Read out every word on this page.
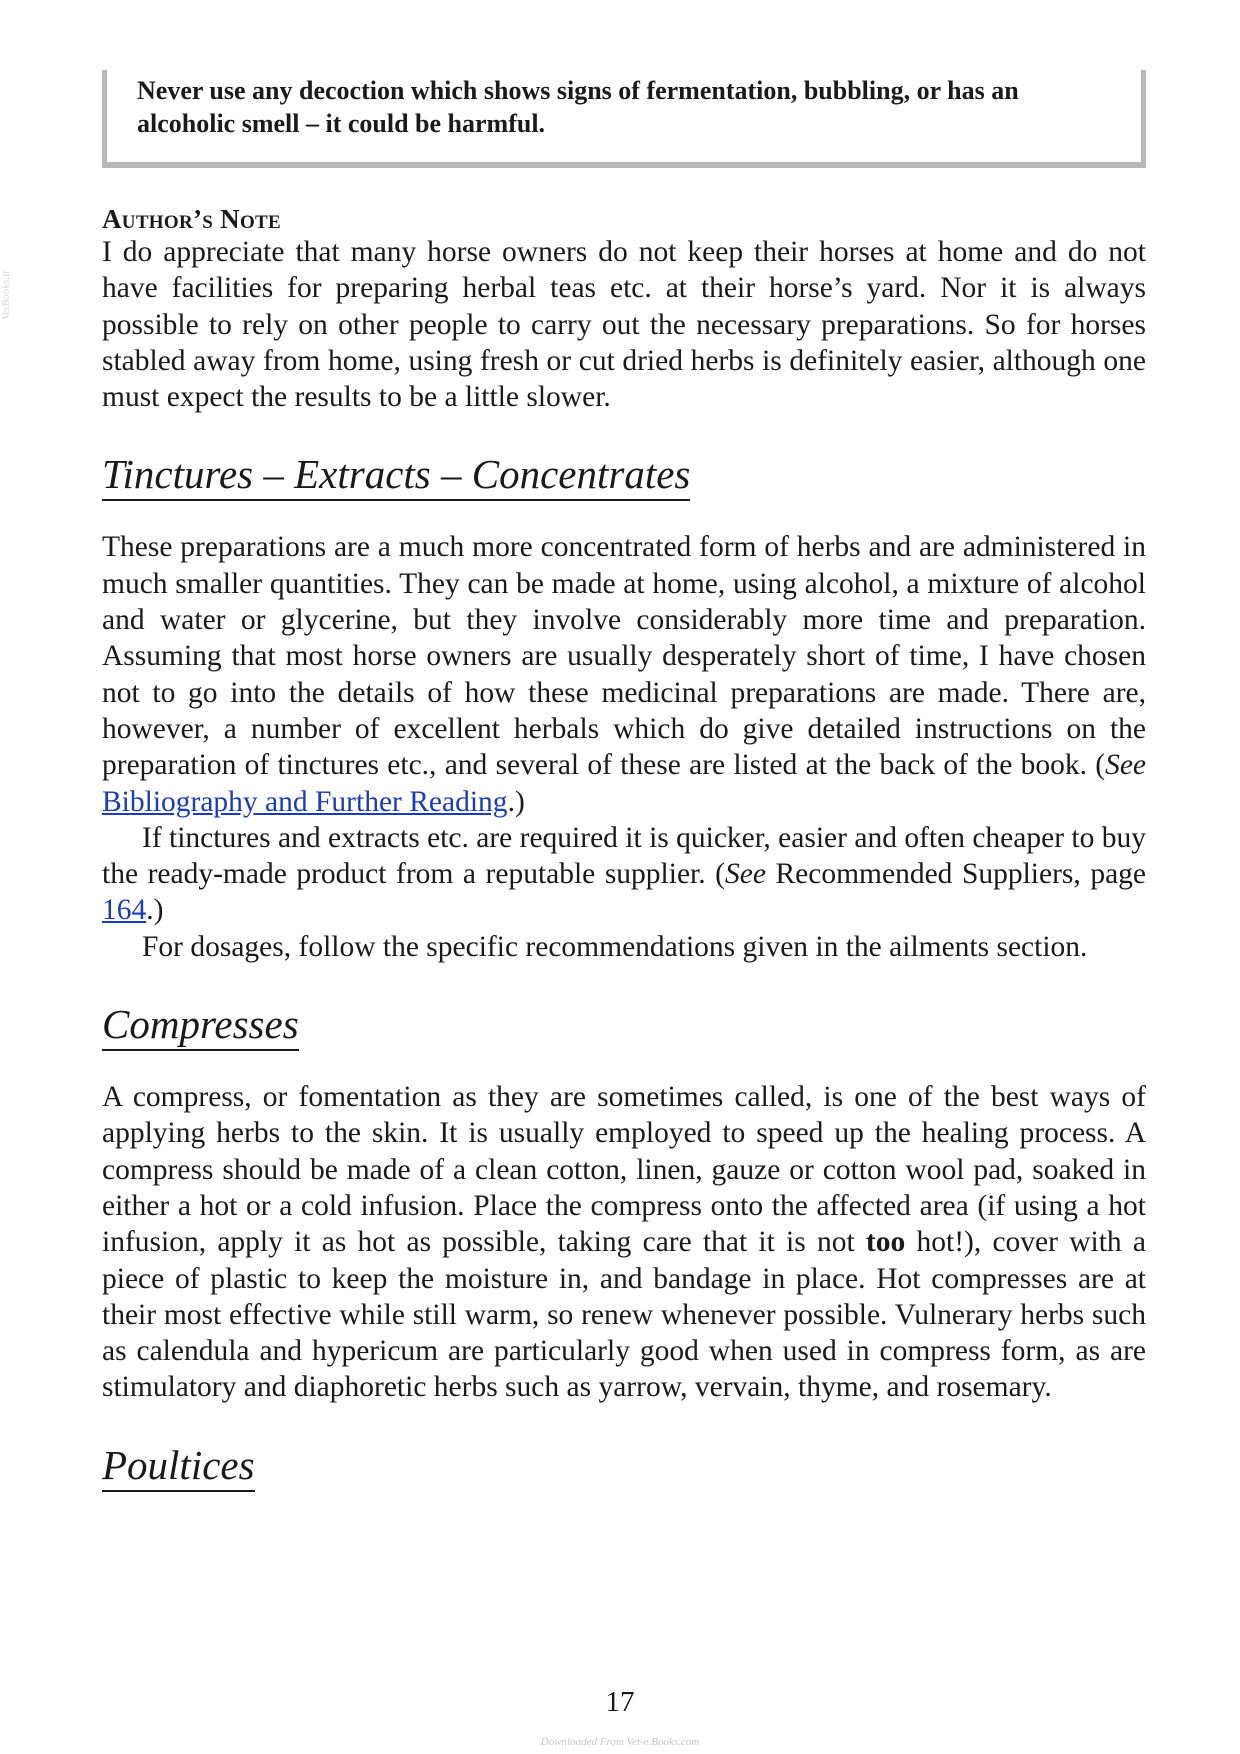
VetBooks.ir
Never use any decoction which shows signs of fermentation, bubbling, or has an alcoholic smell – it could be harmful.
Author’s Note

I do appreciate that many horse owners do not keep their horses at home and do not have facilities for preparing herbal teas etc. at their horse’s yard. Nor it is always possible to rely on other people to carry out the necessary preparations. So for horses stabled away from home, using fresh or cut dried herbs is definitely easier, although one must expect the results to be a little slower.

Tinctures – Extracts – Concentrates

These preparations are a much more concentrated form of herbs and are administered in much smaller quantities. They can be made at home, using alcohol, a mixture of alcohol and water or glycerine, but they involve considerably more time and preparation. Assuming that most horse owners are usually desperately short of time, I have chosen not to go into the details of how these medicinal preparations are made. There are, however, a number of excellent herbals which do give detailed instructions on the preparation of tinctures etc., and several of these are listed at the back of the book. (See Bibliography and Further Reading.)

If tinctures and extracts etc. are required it is quicker, easier and often cheaper to buy the ready-made product from a reputable supplier. (See Recommended Suppliers, page 164.)

For dosages, follow the specific recommendations given in the ailments section.

Compresses

A compress, or fomentation as they are sometimes called, is one of the best ways of applying herbs to the skin. It is usually employed to speed up the healing process. A compress should be made of a clean cotton, linen, gauze or cotton wool pad, soaked in either a hot or a cold infusion. Place the compress onto the affected area (if using a hot infusion, apply it as hot as possible, taking care that it is not too hot!), cover with a piece of plastic to keep the moisture in, and bandage in place. Hot compresses are at their most effective while still warm, so renew whenever possible. Vulnerary herbs such as calendula and hypericum are particularly good when used in compress form, as are stimulatory and diaphoretic herbs such as yarrow, vervain, thyme, and rosemary.

Poultices
17
Downloaded From Vet-e.Books.com
